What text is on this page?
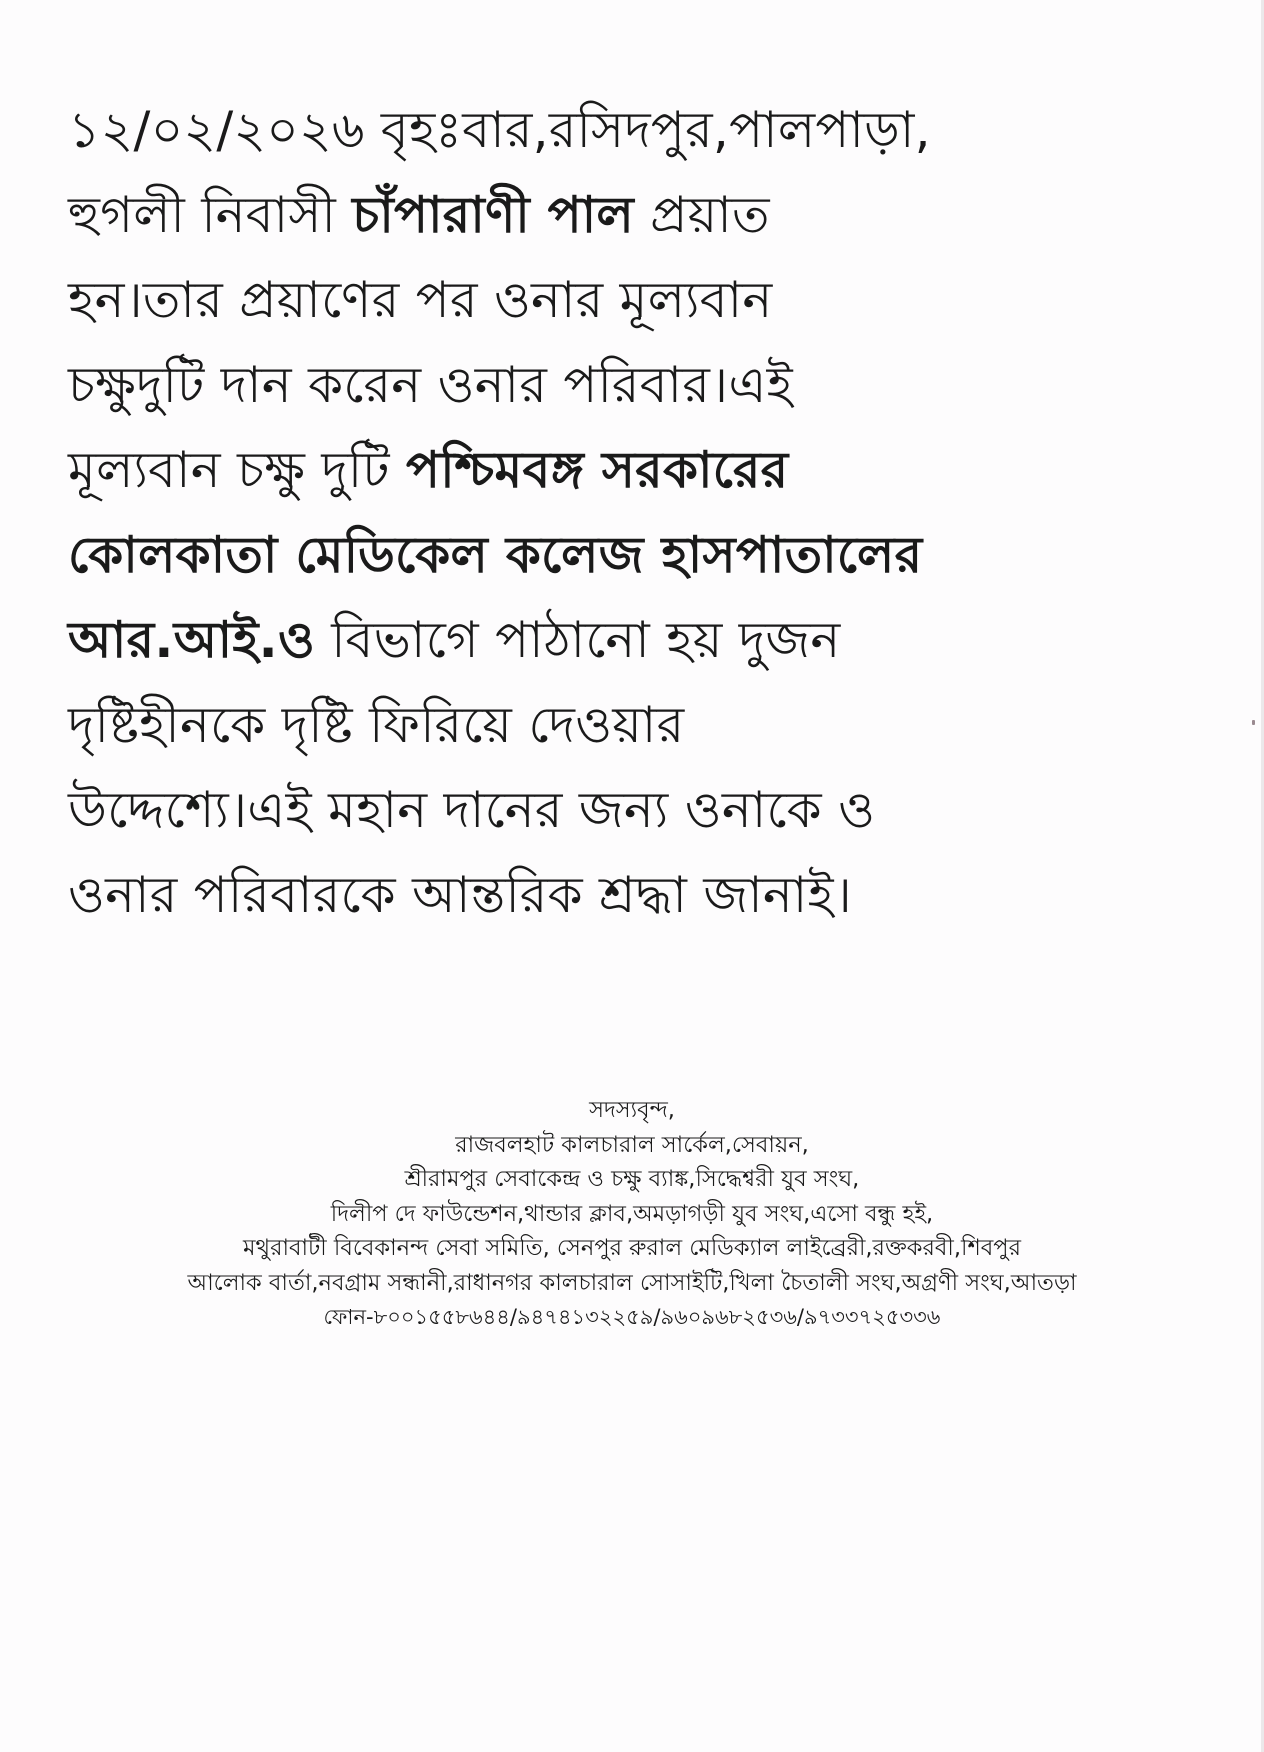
১২/০২/২০২৬ বৃহঃবার,রসিদপুর,পালপাড়া,
হুগলী নিবাসী চাঁপারাণী পাল প্রয়াত
হন।তার প্রয়াণের পর ওনার মূল্যবান
চক্ষুদুটি দান করেন ওনার পরিবার।এই
মূল্যবান চক্ষু দুটি পশ্চিমবঙ্গ সরকারের
কোলকাতা মেডিকেল কলেজ হাসপাতালের
আর.আই.ও বিভাগে পাঠানো হয় দুজন
দৃষ্টিহীনকে দৃষ্টি ফিরিয়ে দেওয়ার
উদ্দেশ্যে।এই মহান দানের জন্য ওনাকে ও
ওনার পরিবারকে আন্তরিক শ্রদ্ধা জানাই।
সদস্যবৃন্দ,
রাজবলহাট কালচারাল সার্কেল,সেবায়ন,
শ্রীরামপুর সেবাকেন্দ্র ও চক্ষু ব্যাঙ্ক,সিদ্ধেশ্বরী যুব সংঘ,
দিলীপ দে ফাউন্ডেশন,থান্ডার ক্লাব,অমড়াগড়ী যুব সংঘ,এসো বন্ধু হই,
মথুরাবাটী বিবেকানন্দ সেবা সমিতি, সেনপুর রুরাল মেডিক্যাল লাইব্রেরী,রক্তকরবী,শিবপুর
আলোক বার্তা,নবগ্রাম সন্ধানী,রাধানগর কালচারাল সোসাইটি,খিলা চৈতালী সংঘ,অগ্রণী সংঘ,আতড়া
ফোন-৮০০১৫৫৮৬৪৪/৯৪৭৪১৩২২৫৯/৯৬০৯৬৮২৫৩৬/৯৭৩৩৭২৫৩৩৬
